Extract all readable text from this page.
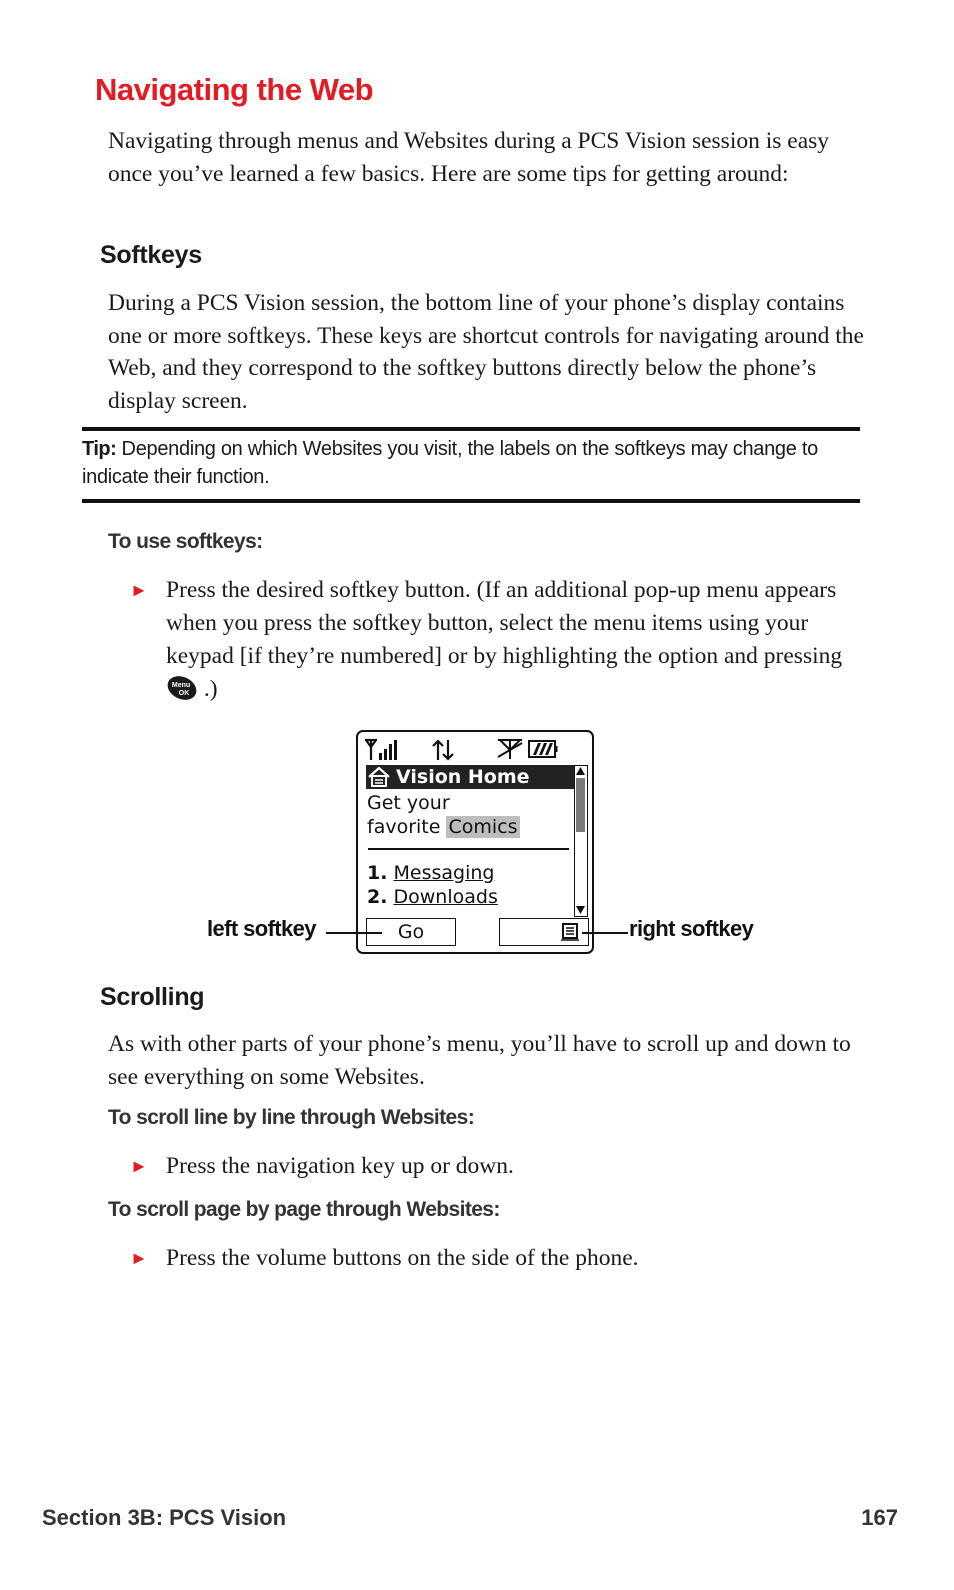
Navigating the Web

Navigating through menus and Websites during a PCS Vision session is easy once you’ve learned a few basics. Here are some tips for getting around:

Softkeys

During a PCS Vision session, the bottom line of your phone’s display contains one or more softkeys. These keys are shortcut controls for navigating around the Web, and they correspond to the softkey buttons directly below the phone’s display screen.

Tip: Depending on which Websites you visit, the labels on the softkeys may change to indicate their function.
To use softkeys:
► Press the desired softkey button. (If an additional pop-up menu appears when you press the softkey button, select the menu items using your keypad [if they’re numbered] or by highlighting the option and pressing
Menu
OK .)
Vision Home
Get your
favorite Comics
1. Messaging
2. Downloads
Go
left softkey	right softkey
Scrolling

As with other parts of your phone’s menu, you’ll have to scroll up and down to see everything on some Websites.

To scroll line by line through Websites:
► Press the navigation key up or down.
To scroll page by page through Websites:
► Press the volume buttons on the side of the phone.
Section 3B: PCS Vision	167
